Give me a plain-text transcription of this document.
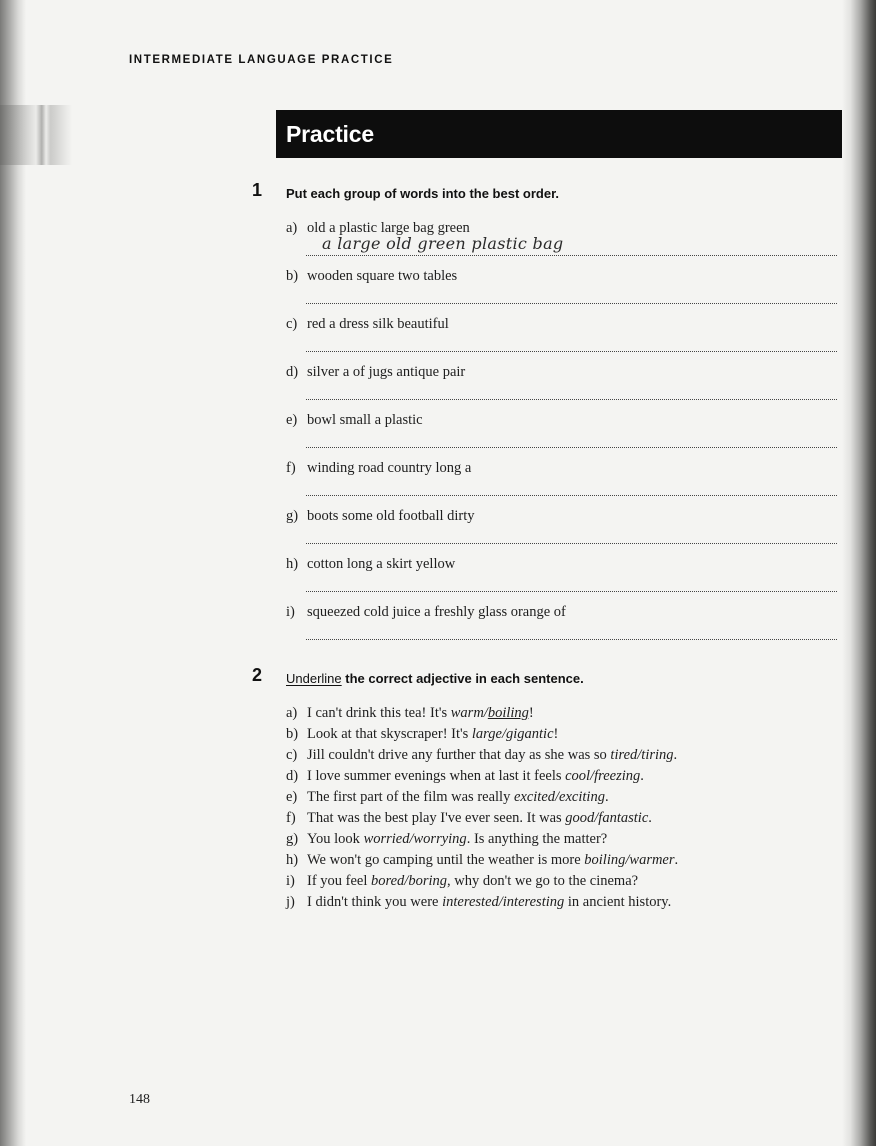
INTERMEDIATE LANGUAGE PRACTICE
Practice
1 Put each group of words into the best order.
a) old a plastic large bag green
a large old green plastic bag
b) wooden square two tables
c) red a dress silk beautiful
d) silver a of jugs antique pair
e) bowl small a plastic
f) winding road country long a
g) boots some old football dirty
h) cotton long a skirt yellow
i) squeezed cold juice a freshly glass orange of
2 Underline the correct adjective in each sentence.
a) I can't drink this tea! It's warm/boiling!
b) Look at that skyscraper! It's large/gigantic!
c) Jill couldn't drive any further that day as she was so tired/tiring.
d) I love summer evenings when at last it feels cool/freezing.
e) The first part of the film was really excited/exciting.
f) That was the best play I've ever seen. It was good/fantastic.
g) You look worried/worrying. Is anything the matter?
h) We won't go camping until the weather is more boiling/warmer.
i) If you feel bored/boring, why don't we go to the cinema?
j) I didn't think you were interested/interesting in ancient history.
148
